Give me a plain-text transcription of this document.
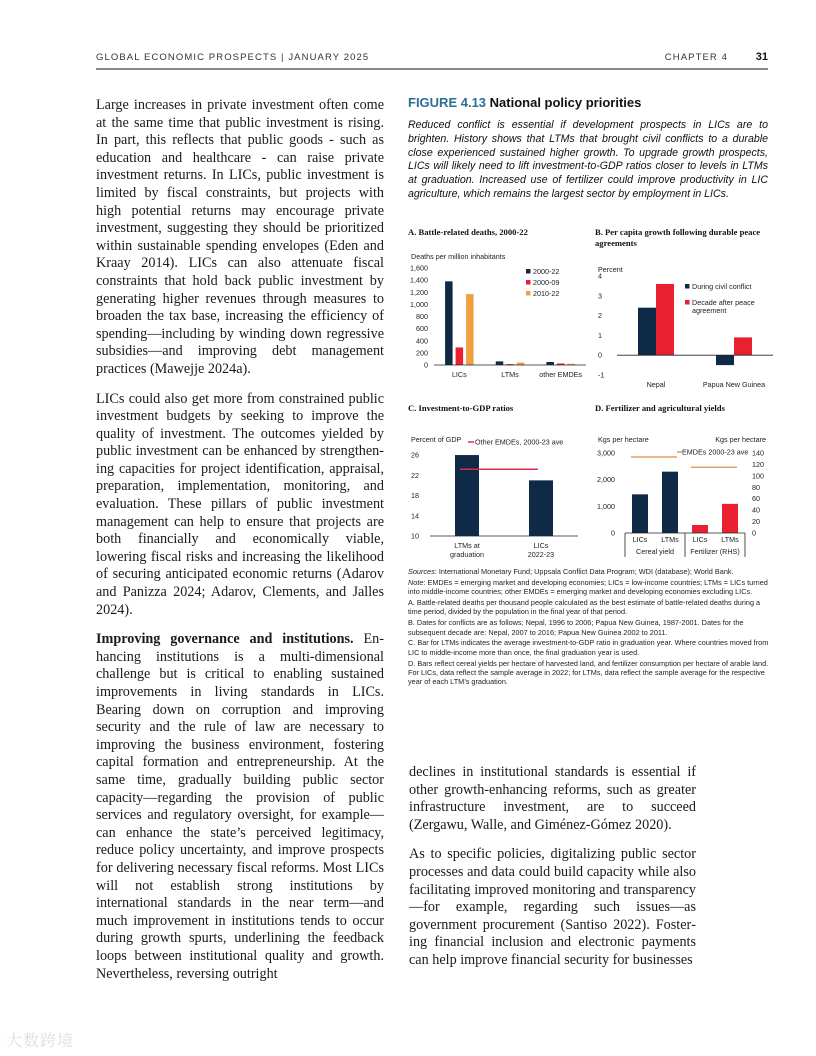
GLOBAL ECONOMIC PROSPECTS | JANUARY 2025	CHAPTER 4	31

Large increases in private investment often come at the same time that public investment is rising. In part, this reflects that public goods - such as education and healthcare - can raise private investment returns. In LICs, public investment is limited by fiscal constraints, but projects with high potential returns may encourage private investment, suggesting they should be prioritized within sustainable spending envelopes (Eden and Kraay 2014). LICs can also attenuate fiscal constraints that hold back public investment by generating higher revenues through measures to broaden the tax base, increasing the efficiency of spending—including by winding down regressive subsidies—and improving debt management practices (Mawejje 2024a).

LICs could also get more from constrained public investment budgets by seeking to improve the quality of investment. The outcomes yielded by public investment can be enhanced by strengthening capacities for project identification, appraisal, preparation, implementation, monitoring, and evaluation. These pillars of public investment management can help to ensure that projects are both financially and economically viable, lowering fiscal risks and increasing the likelihood of securing anticipated economic returns (Adarov and Panizza 2024; Adarov, Clements, and Jalles 2024).

Improving governance and institutions. Enhancing institutions is a multi-dimensional challenge but is critical to enabling sustained improvements in living standards in LICs. Bearing down on corruption and improving security and the rule of law are necessary to improving the business environment, fostering capital formation and entrepreneurship. At the same time, gradually building public sector capacity—regarding the provision of public services and regulatory oversight, for example—can enhance the state’s perceived legitimacy, reduce policy uncertainty, and improve prospects for delivering necessary fiscal reforms. Most LICs will not establish strong institutions by international standards in the near term—and much improvement in institutions tends to occur during growth spurts, underlining the feedback loops between institutional quality and growth. Nevertheless, reversing outright

FIGURE 4.13 National policy priorities
Reduced conflict is essential if development prospects in LICs are to brighten. History shows that LTMs that brought civil conflicts to a durable close experienced sustained higher growth. To upgrade growth prospects, LICs will likely need to lift investment-to-GDP ratios closer to levels in LTMs at graduation. Increased use of fertilizer could improve productivity in LIC agriculture, which remains the largest sector by employment in LICs.
A. Battle-related deaths, 2000-22
Deaths per million inhabitants
0
200
400
600
800
1,000
1,200
1,400
1,600
LICs	LTMs	other EMDEs
2000-22
2000-09
2010-22
B. Per capita growth following durable peace agreements
Percent
-1
0
1
2
3
4
Nepal	Papua New Guinea
During civil conflict
Decade after peace
agreement
C. Investment-to-GDP ratios
Percent of GDP
10
14
18
22
26
LTMs at
graduation
LICs
2022-23
Other EMDEs, 2000-23 ave
D. Fertilizer and agricultural yields
Kgs per hectare	Kgs per hectare
0
1,000
2,000
3,000
0
20
40
60
80
100
120
140
LICs LTMs
Cereal yield
LICs LTMs
Fertilizer (RHS)
EMDEs 2000-23 ave

Sources: International Monetary Fund; Uppsala Conflict Data Program; WDI (database); World Bank.

Note: EMDEs = emerging market and developing economies; LICs = low-income countries; LTMs = LICs turned into middle-income countries; other EMDEs = emerging market and developing economies excluding LICs.

A. Battle-related deaths per thousand people calculated as the best estimate of battle-related deaths during a time period, divided by the population in the final year of that period.

B. Dates for conflicts are as follows; Nepal, 1996 to 2006; Papua New Guinea, 1987-2001. Dates for the subsequent decade are: Nepal, 2007 to 2016; Papua New Guinea 2002 to 2011.

C. Bar for LTMs indicates the average investment-to-GDP ratio in graduation year. Where countries moved from LIC to middle-income more than once, the final graduation year is used.

D. Bars reflect cereal yields per hectare of harvested land, and fertilizer consumption per hectare of arable land. For LICs, data reflect the sample average in 2022; for LTMs, data reflect the sample average for the respective year of each LTM’s graduation.

declines in institutional standards is essential if other growth-enhancing reforms, such as greater infrastructure investment, are to succeed (Zergawu, Walle, and Giménez-Gómez 2020).

As to specific policies, digitalizing public sector processes and data could build capacity while also facilitating improved monitoring and transparency—for example, regarding such issues—as government procurement (Santiso 2022). Fostering financial inclusion and electronic payments can help improve financial security for businesses

大数跨境
